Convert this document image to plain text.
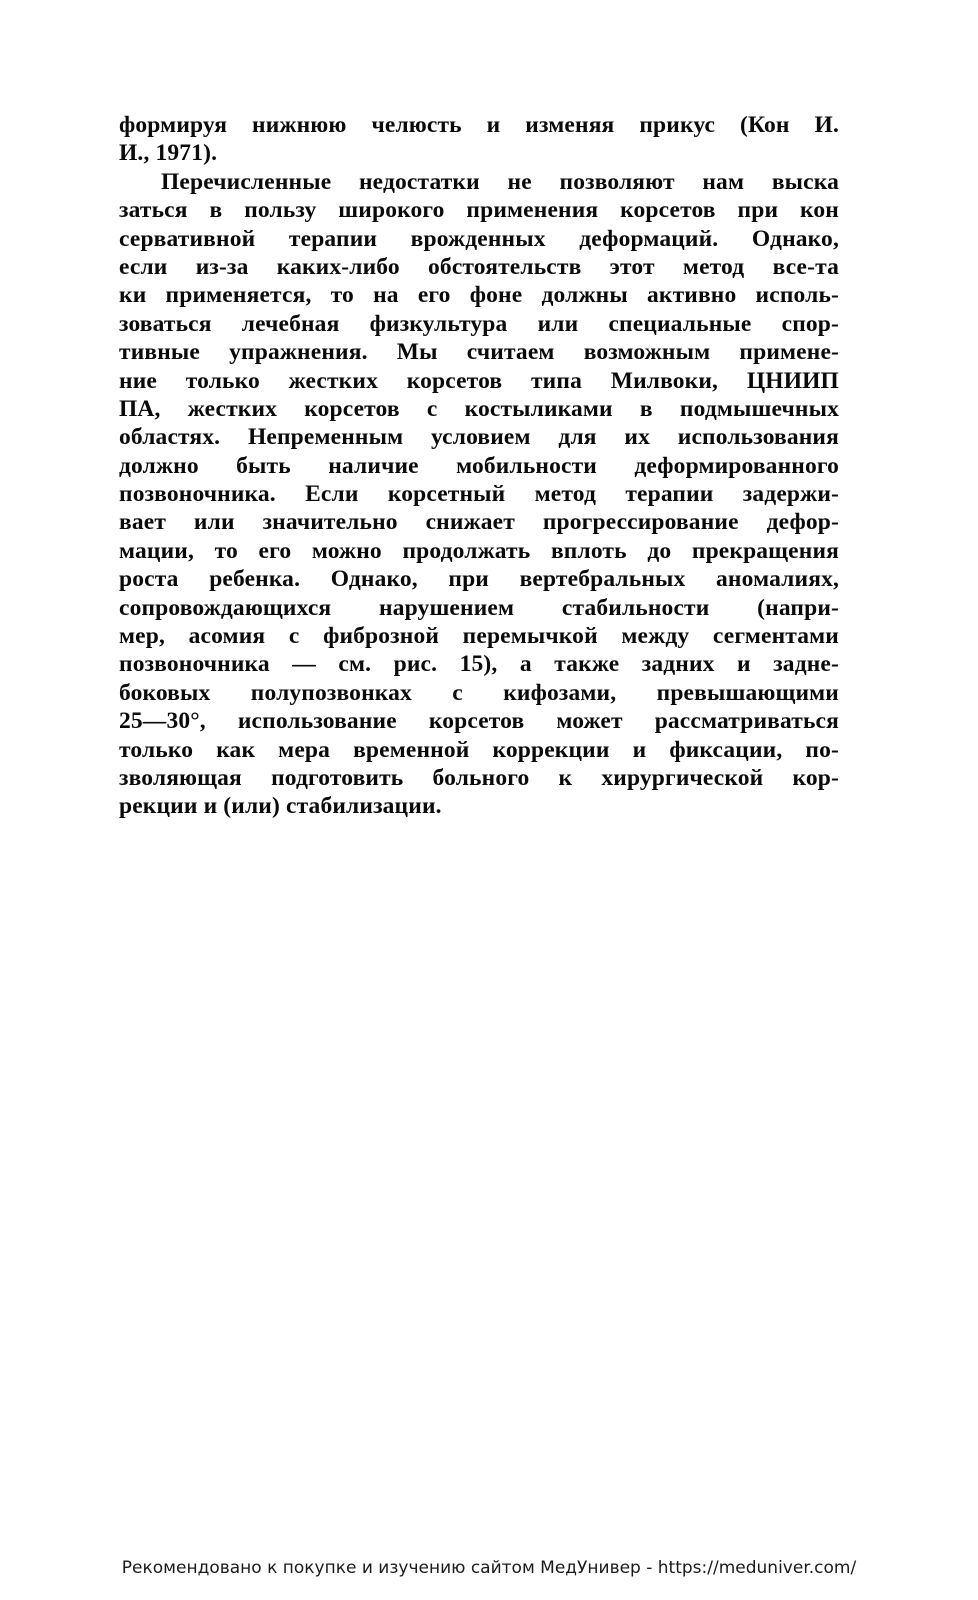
формируя нижнюю челюсть и изменяя прикус (Кон И.
И., 1971).
Перечисленные недостатки не позволяют нам выска
заться в пользу широкого применения корсетов при кон
сервативной терапии врожденных деформаций. Однако,
если из-за каких-либо обстоятельств этот метод все-та
ки применяется, то на его фоне должны активно исполь-
зоваться лечебная физкультура или специальные спор-
тивные упражнения. Мы считаем возможным примене-
ние только жестких корсетов типа Милвоки, ЦНИИП
ПА, жестких корсетов с костыликами в подмышечных
областях. Непременным условием для их использования
должно быть наличие мобильности деформированного
позвоночника. Если корсетный метод терапии задержи-
вает или значительно снижает прогрессирование дефор-
мации, то его можно продолжать вплоть до прекращения
роста ребенка. Однако, при вертебральных аномалиях,
сопровождающихся нарушением стабильности (напри-
мер, асомия с фиброзной перемычкой между сегментами
позвоночника — см. рис. 15), а также задних и задне-
боковых полупозвонках с кифозами, превышающими
25—30°, использование корсетов может рассматриваться
только как мера временной коррекции и фиксации, по-
зволяющая подготовить больного к хирургической кор-
рекции и (или) стабилизации.
Рекомендовано к покупке и изучению сайтом МедУнивер - https://meduniver.com/
